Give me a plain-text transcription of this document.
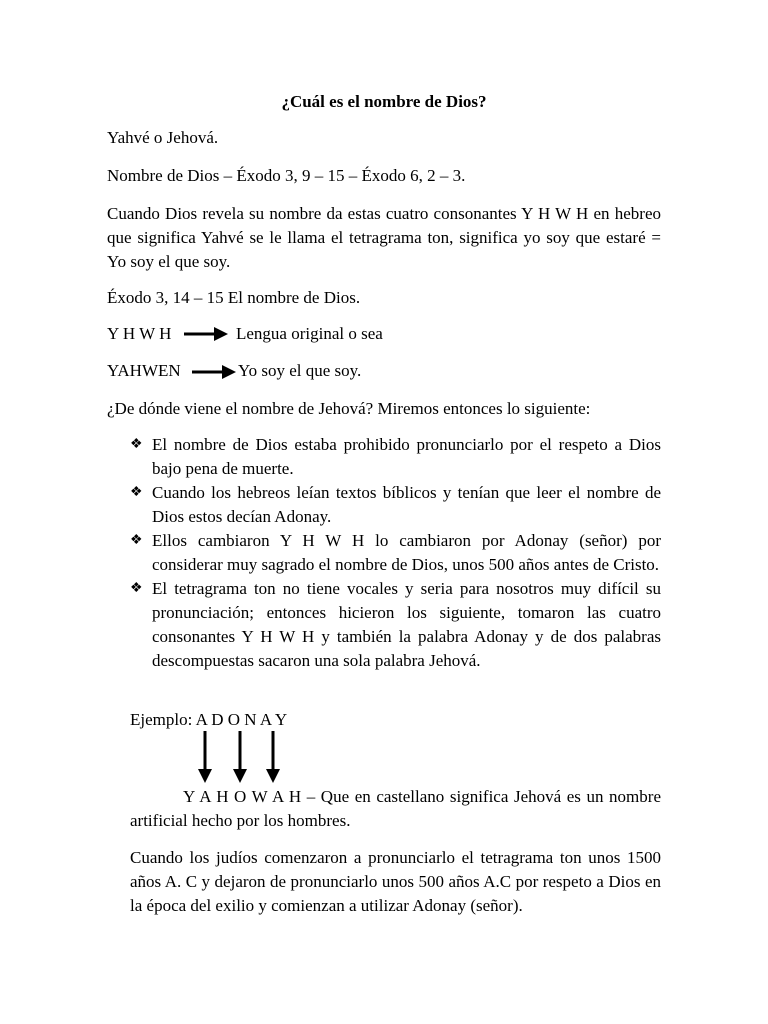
¿Cuál es el nombre de Dios?
Yahvé o Jehová.
Nombre de Dios – Éxodo 3, 9 – 15 – Éxodo 6, 2 – 3.
Cuando Dios revela su nombre da estas cuatro consonantes Y H W H en hebreo que significa Yahvé se le llama el tetragrama ton, significa yo soy que estaré = Yo soy el que soy.
Éxodo 3, 14 – 15 El nombre de Dios.
Y H W H	Lengua original o sea
YAHWEN	Yo soy el que soy.
¿De dónde viene el nombre de Jehová? Miremos entonces lo siguiente:
❖ El nombre de Dios estaba prohibido pronunciarlo por el respeto a Dios bajo pena de muerte.
❖ Cuando los hebreos leían textos bíblicos y tenían que leer el nombre de Dios estos decían Adonay.
❖ Ellos cambiaron Y H W H lo cambiaron por Adonay (señor) por considerar muy sagrado el nombre de Dios, unos 500 años antes de Cristo.
❖ El tetragrama ton no tiene vocales y seria para nosotros muy difícil su pronunciación; entonces hicieron los siguiente, tomaron las cuatro consonantes Y H W H y también la palabra Adonay y de dos palabras descompuestas sacaron una sola palabra Jehová.
Ejemplo: A D O N A Y
Y A H O W A H – Que en castellano significa Jehová es un nombre artificial hecho por los hombres.
Cuando los judíos comenzaron a pronunciarlo el tetragrama ton unos 1500 años A. C y dejaron de pronunciarlo unos 500 años A.C por respeto a Dios en la época del exilio y comienzan a utilizar Adonay (señor).
